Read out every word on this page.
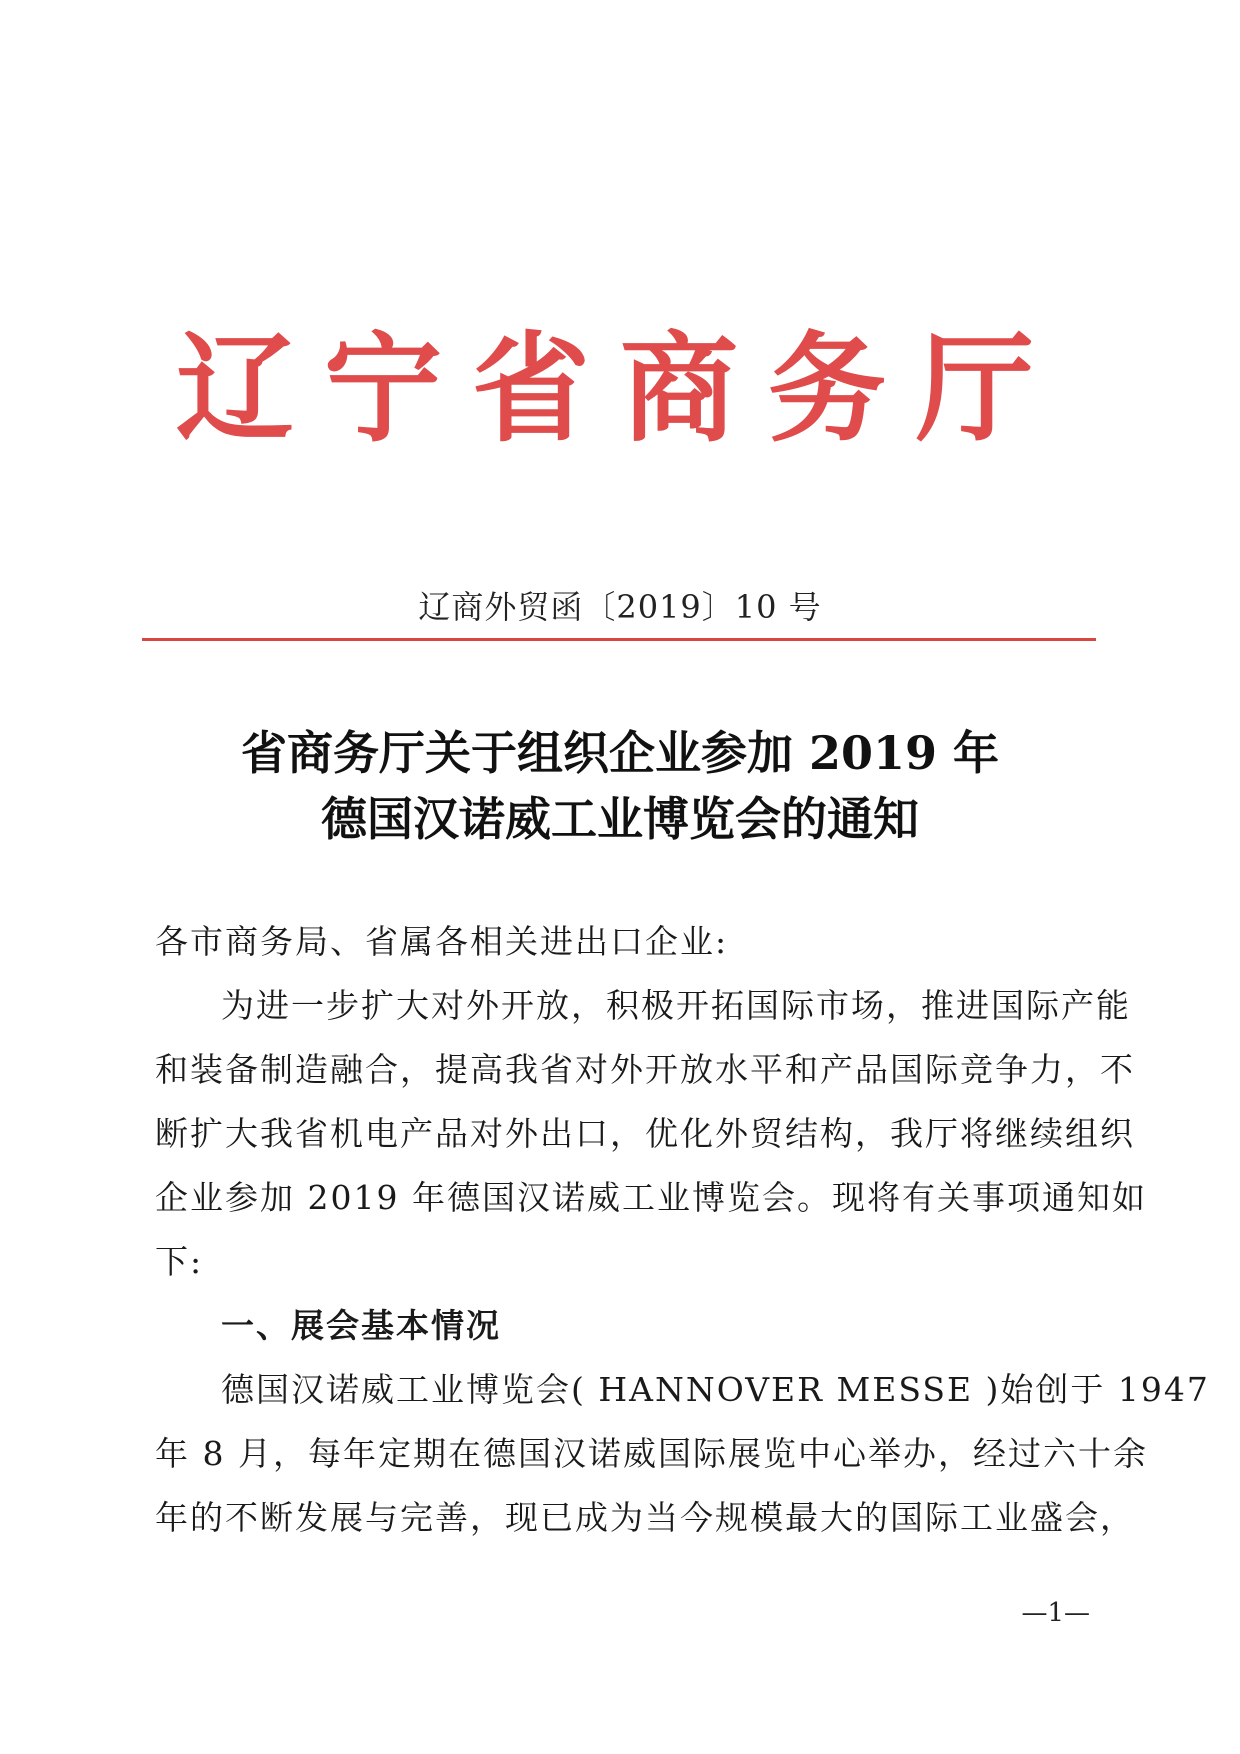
辽宁省商务厅
辽商外贸函〔2019〕10 号
省商务厅关于组织企业参加 2019 年
德国汉诺威工业博览会的通知
各市商务局、省属各相关进出口企业:
为进一步扩大对外开放，积极开拓国际市场，推进国际产能
和装备制造融合，提高我省对外开放水平和产品国际竞争力，不
断扩大我省机电产品对外出口，优化外贸结构，我厅将继续组织
企业参加 2019 年德国汉诺威工业博览会。现将有关事项通知如
下:
一、展会基本情况
德国汉诺威工业博览会( HANNOVER MESSE )始创于 1947
年 8 月，每年定期在德国汉诺威国际展览中心举办，经过六十余
年的不断发展与完善，现已成为当今规模最大的国际工业盛会，
—1—
